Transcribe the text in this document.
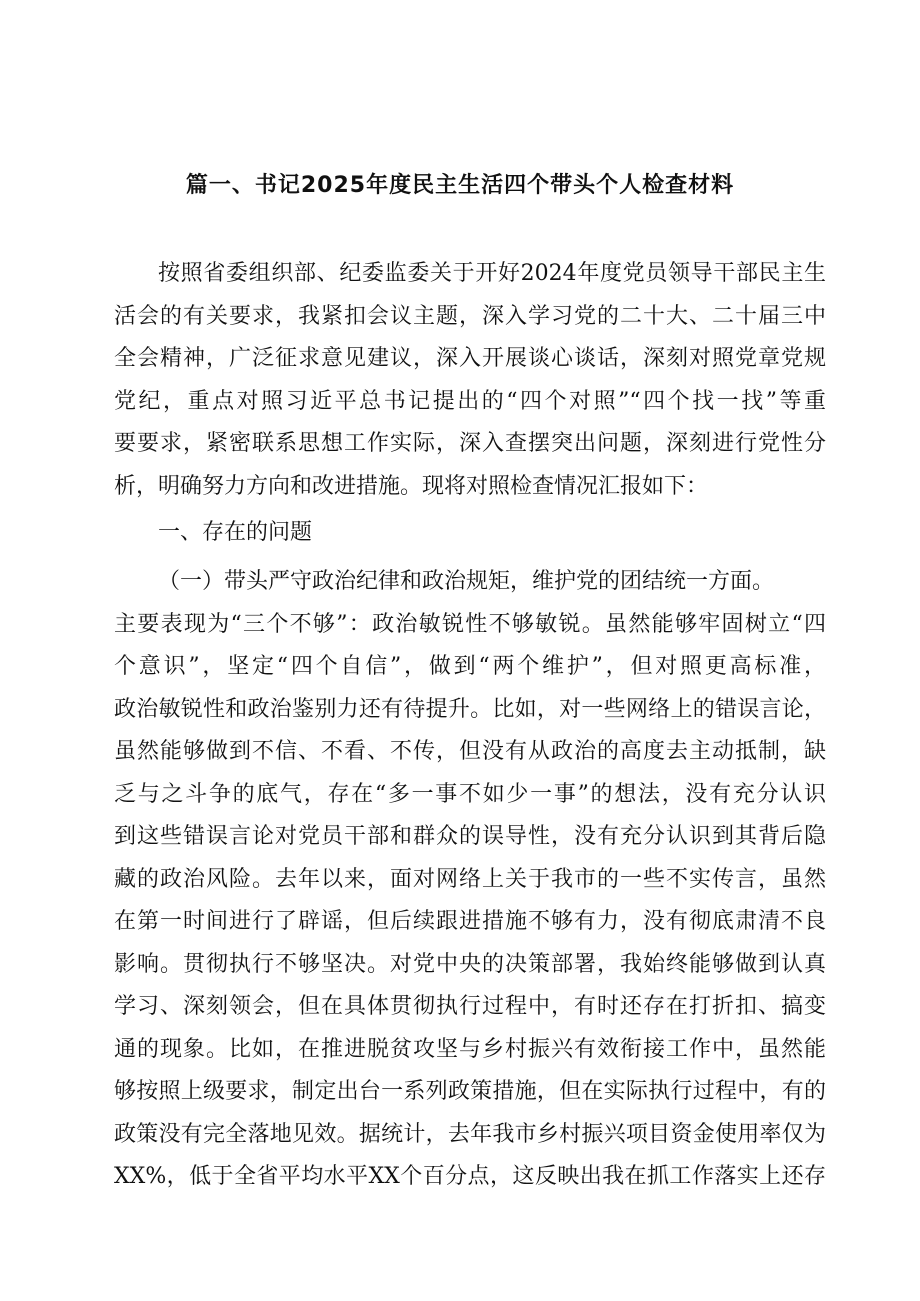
篇一、书记2025年度民主生活四个带头个人检查材料
按照省委组织部、纪委监委关于开好2024年度党员领导干部民主生
活会的有关要求，我紧扣会议主题，深入学习党的二十大、二十届三中
全会精神，广泛征求意见建议，深入开展谈心谈话，深刻对照党章党规
党纪，重点对照习近平总书记提出的“四个对照”“四个找一找”等重
要要求，紧密联系思想工作实际，深入查摆突出问题，深刻进行党性分
析，明确努力方向和改进措施。现将对照检查情况汇报如下：
一、存在的问题
（一）带头严守政治纪律和政治规矩，维护党的团结统一方面。
主要表现为“三个不够”：政治敏锐性不够敏锐。虽然能够牢固树立“四
个意识”，坚定“四个自信”，做到“两个维护”，但对照更高标准，
政治敏锐性和政治鉴别力还有待提升。比如，对一些网络上的错误言论，
虽然能够做到不信、不看、不传，但没有从政治的高度去主动抵制，缺
乏与之斗争的底气，存在“多一事不如少一事”的想法，没有充分认识
到这些错误言论对党员干部和群众的误导性，没有充分认识到其背后隐
藏的政治风险。去年以来，面对网络上关于我市的一些不实传言，虽然
在第一时间进行了辟谣，但后续跟进措施不够有力，没有彻底肃清不良
影响。贯彻执行不够坚决。对党中央的决策部署，我始终能够做到认真
学习、深刻领会，但在具体贯彻执行过程中，有时还存在打折扣、搞变
通的现象。比如，在推进脱贫攻坚与乡村振兴有效衔接工作中，虽然能
够按照上级要求，制定出台一系列政策措施，但在实际执行过程中，有的
政策没有完全落地见效。据统计，去年我市乡村振兴项目资金使用率仅为
XX%，低于全省平均水平XX个百分点，这反映出我在抓工作落实上还存
